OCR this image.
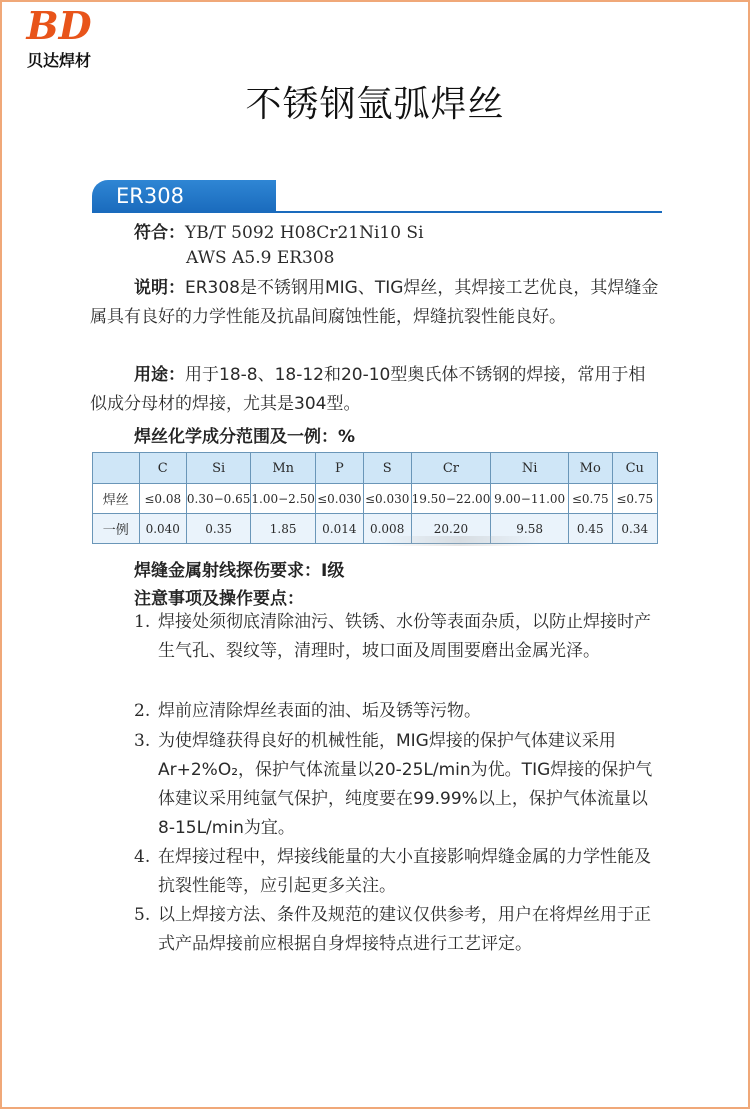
BD
贝达焊材
不锈钢氩弧焊丝
ER308
符合：YB/T 5092 H08Cr21Ni10 Si
AWS A5.9 ER308
说明：ER308是不锈钢用MIG、TIG焊丝，其焊接工艺优良，其焊缝金属具有良好的力学性能及抗晶间腐蚀性能，焊缝抗裂性能良好。
用途：用于18-8、18-12和20-10型奥氏体不锈钢的焊接，常用于相似成分母材的焊接，尤其是304型。
焊丝化学成分范围及一例：%
	C	Si	Mn	P	S	Cr	Ni	Mo	Cu
焊丝	≤0.08	0.30−0.65	1.00−2.50	≤0.030	≤0.030	19.50−22.00	9.00−11.00	≤0.75	≤0.75
一例	0.040	0.35	1.85	0.014	0.008	20.20	9.58	0.45	0.34
焊缝金属射线探伤要求：Ⅰ级
注意事项及操作要点：
1. 焊接处须彻底清除油污、铁锈、水份等表面杂质，以防止焊接时产生气孔、裂纹等，清理时，坡口面及周围要磨出金属光泽。
2. 焊前应清除焊丝表面的油、垢及锈等污物。
3. 为使焊缝获得良好的机械性能，MIG焊接的保护气体建议采用Ar+2%O₂，保护气体流量以20-25L/min为优。TIG焊接的保护气体建议采用纯氩气保护，纯度要在99.99%以上，保护气体流量以8-15L/min为宜。
4. 在焊接过程中，焊接线能量的大小直接影响焊缝金属的力学性能及抗裂性能等，应引起更多关注。
5. 以上焊接方法、条件及规范的建议仅供参考，用户在将焊丝用于正式产品焊接前应根据自身焊接特点进行工艺评定。
